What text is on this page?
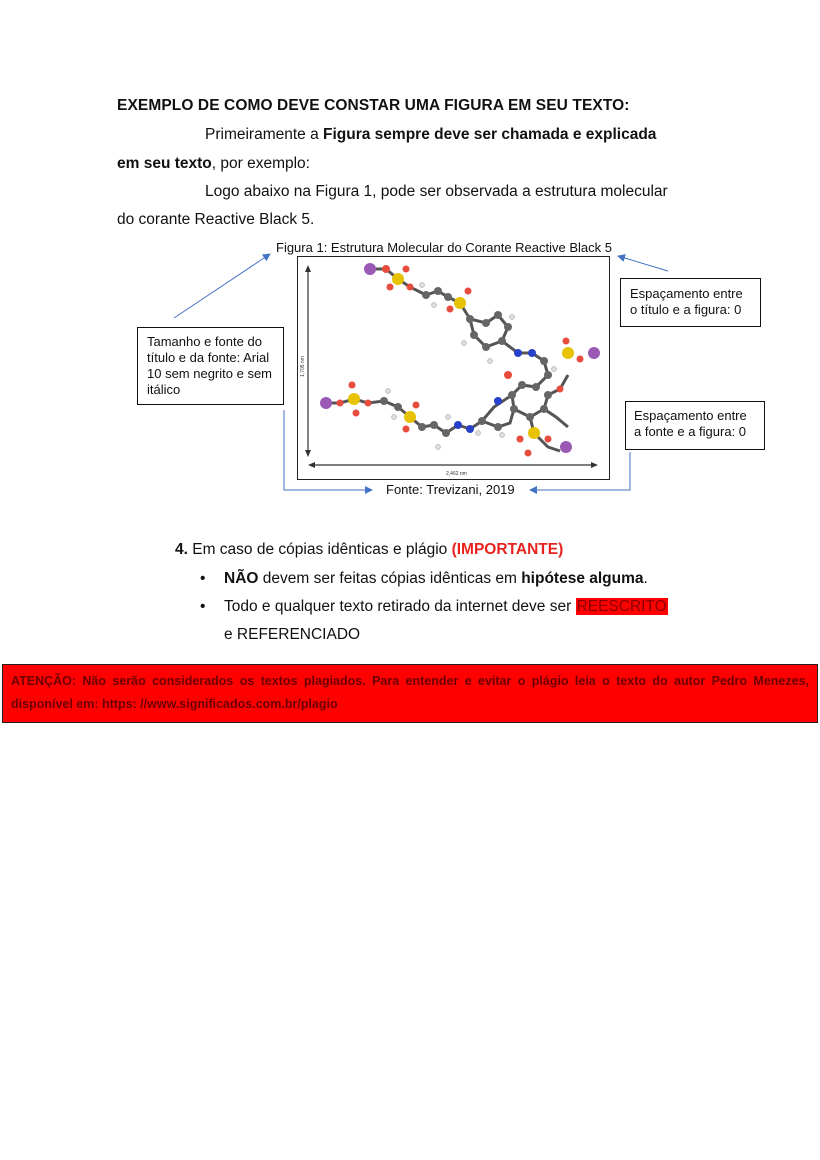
EXEMPLO DE COMO DEVE CONSTAR UMA FIGURA EM SEU TEXTO:
Primeiramente a Figura sempre deve ser chamada e explicada
em seu texto, por exemplo:
Logo abaixo na Figura 1, pode ser observada a estrutura molecular
do corante Reactive Black 5.
Figura 1: Estrutura Molecular do Corante Reactive Black 5
1,705 nm
2,462 nm
Fonte: Trevizani, 2019
Tamanho e fonte do título e da fonte: Arial 10 sem negrito e sem itálico
Espaçamento entre o título e a figura: 0
Espaçamento entre a fonte e a figura: 0
4. Em caso de cópias idênticas e plágio (IMPORTANTE)
• NÃO devem ser feitas cópias idênticas em hipótese alguma.
• Todo e qualquer texto retirado da internet deve ser REESCRITO
e REFERENCIADO
ATENÇÃO: Não serão considerados os textos plagiados. Para entender e evitar o plágio leia o texto do autor Pedro Menezes, disponível em: https: //www.significados.com.br/plagio
